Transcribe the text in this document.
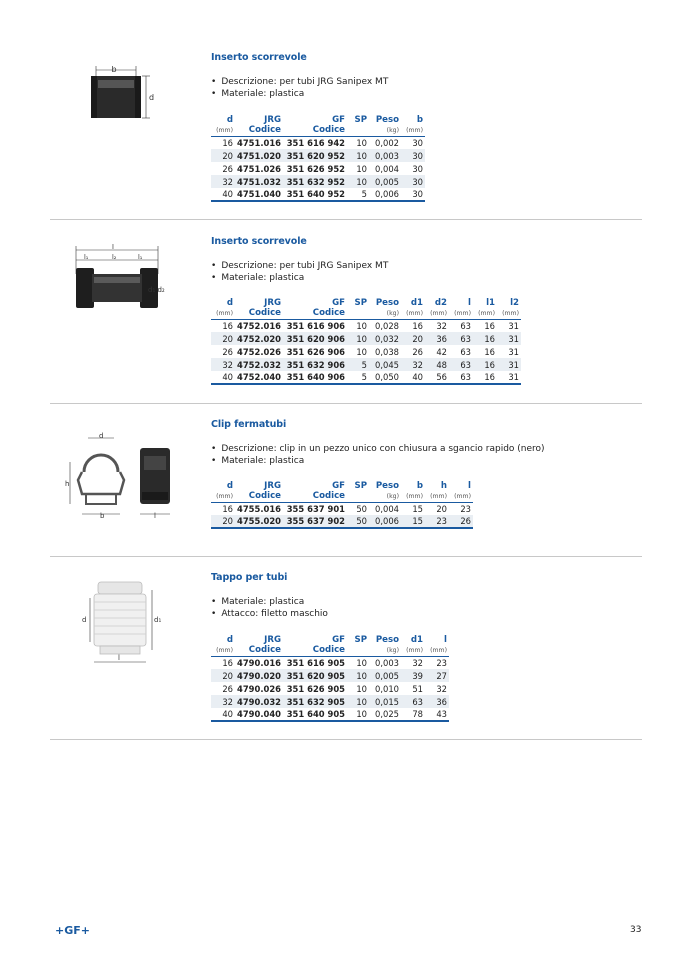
b
d
Inserto scorrevole
• Descrizione: per tubi JRG Sanipex MT
• Materiale: plastica
d	JRG	GF	SP	Peso	b
(mm)	Codice	Codice		(kg)	(mm)
16	4751.016	351 616 942	10	0,002	30
20	4751.020	351 620 952	10	0,003	30
26	4751.026	351 626 952	10	0,004	30
32	4751.032	351 632 952	10	0,005	30
40	4751.040	351 640 952	5	0,006	30
l
l₁	l₂	l₁
d₁ d₂
Inserto scorrevole
• Descrizione: per tubi JRG Sanipex MT
• Materiale: plastica
d	JRG	GF	SP	Peso	d1	d2	l	l1	l2
(mm)	Codice	Codice		(kg)	(mm)	(mm)	(mm)	(mm)	(mm)
16	4752.016	351 616 906	10	0,028	16	32	63	16	31
20	4752.020	351 620 906	10	0,032	20	36	63	16	31
26	4752.026	351 626 906	10	0,038	26	42	63	16	31
32	4752.032	351 632 906	5	0,045	32	48	63	16	31
40	4752.040	351 640 906	5	0,050	40	56	63	16	31
d
h
b	l
Clip fermatubi
• Descrizione: clip in un pezzo unico con chiusura a sgancio rapido (nero)
• Materiale: plastica
d	JRG	GF	SP	Peso	b	h	l
(mm)	Codice	Codice		(kg)	(mm)	(mm)	(mm)
16	4755.016	355 637 901	50	0,004	15	20	23
20	4755.020	355 637 902	50	0,006	15	23	26
d	d₁
l
Tappo per tubi
• Materiale: plastica
• Attacco: filetto maschio
d	JRG	GF	SP	Peso	d1	l
(mm)	Codice	Codice		(kg)	(mm)	(mm)
16	4790.016	351 616 905	10	0,003	32	23
20	4790.020	351 620 905	10	0,005	39	27
26	4790.026	351 626 905	10	0,010	51	32
32	4790.032	351 632 905	10	0,015	63	36
40	4790.040	351 640 905	10	0,025	78	43
+GF+	33
